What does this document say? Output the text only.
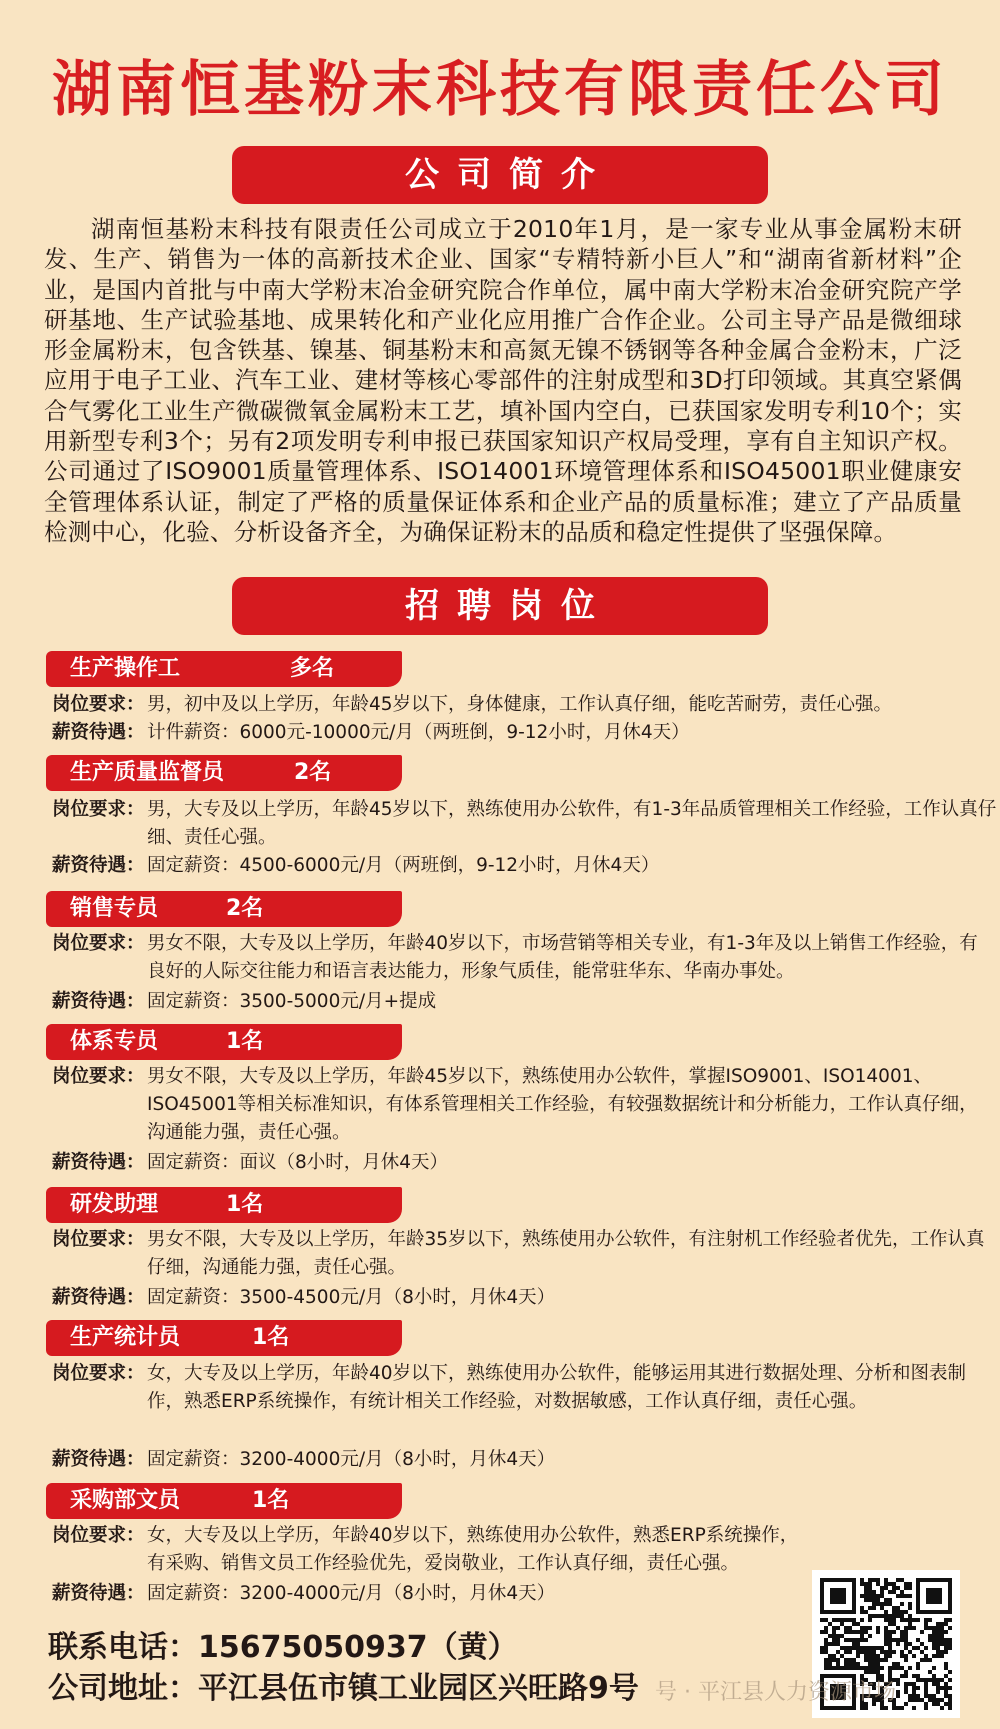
湖南恒基粉末科技有限责任公司
公司简介
湖南恒基粉末科技有限责任公司成立于2010年1月，是一家专业从事金属粉末研发、生产、销售为一体的高新技术企业、国家“专精特新小巨人”和“湖南省新材料”企业，是国内首批与中南大学粉末冶金研究院合作单位，属中南大学粉末冶金研究院产学研基地、生产试验基地、成果转化和产业化应用推广合作企业。公司主导产品是微细球形金属粉末，包含铁基、镍基、铜基粉末和高氮无镍不锈钢等各种金属合金粉末，广泛应用于电子工业、汽车工业、建材等核心零部件的注射成型和3D打印领域。其真空紧偶合气雾化工业生产微碳微氧金属粉末工艺，填补国内空白，已获国家发明专利10个；实用新型专利3个；另有2项发明专利申报已获国家知识产权局受理，享有自主知识产权。公司通过了ISO9001质量管理体系、ISO14001环境管理体系和ISO45001职业健康安全管理体系认证，制定了严格的质量保证体系和企业产品的质量标准；建立了产品质量检测中心，化验、分析设备齐全，为确保证粉末的品质和稳定性提供了坚强保障。
招聘岗位
生产操作工	多名
岗位要求： 男，初中及以上学历，年龄45岁以下，身体健康，工作认真仔细，能吃苦耐劳，责任心强。
薪资待遇： 计件薪资：6000元-10000元/月（两班倒，9-12小时，月休4天）
生产质量监督员	2名
岗位要求： 男，大专及以上学历，年龄45岁以下，熟练使用办公软件，有1-3年品质管理相关工作经验，工作认真仔细、责任心强。
薪资待遇： 固定薪资：4500-6000元/月（两班倒，9-12小时，月休4天）
销售专员	2名
岗位要求： 男女不限，大专及以上学历，年龄40岁以下，市场营销等相关专业，有1-3年及以上销售工作经验，有良好的人际交往能力和语言表达能力，形象气质佳，能常驻华东、华南办事处。
薪资待遇： 固定薪资：3500-5000元/月+提成
体系专员	1名
岗位要求： 男女不限，大专及以上学历，年龄45岁以下，熟练使用办公软件，掌握ISO9001、ISO14001、ISO45001等相关标准知识，有体系管理相关工作经验，有较强数据统计和分析能力，工作认真仔细，沟通能力强，责任心强。
薪资待遇： 固定薪资：面议（8小时，月休4天）
研发助理	1名
岗位要求： 男女不限，大专及以上学历，年龄35岁以下，熟练使用办公软件，有注射机工作经验者优先，工作认真仔细，沟通能力强，责任心强。
薪资待遇： 固定薪资：3500-4500元/月（8小时，月休4天）
生产统计员	1名
岗位要求： 女，大专及以上学历，年龄40岁以下，熟练使用办公软件，能够运用其进行数据处理、分析和图表制作，熟悉ERP系统操作，有统计相关工作经验，对数据敏感，工作认真仔细，责任心强。
薪资待遇： 固定薪资：3200-4000元/月（8小时，月休4天）
采购部文员	1名
岗位要求： 女，大专及以上学历，年龄40岁以下，熟练使用办公软件，熟悉ERP系统操作，有采购、销售文员工作经验优先，爱岗敬业，工作认真仔细，责任心强。
薪资待遇： 固定薪资：3200-4000元/月（8小时，月休4天）
联系电话：15675050937（黄）
公司地址：平江县伍市镇工业园区兴旺路9号 号 · 平江县人力资源市场
